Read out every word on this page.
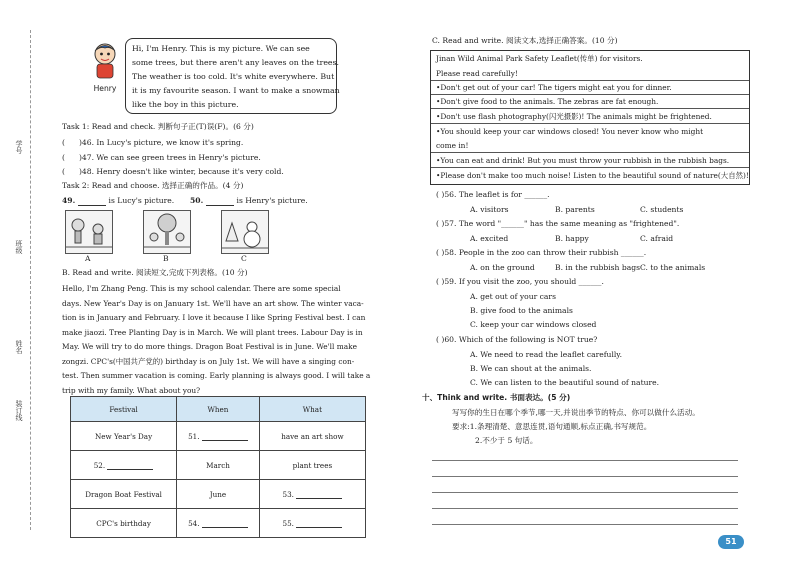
学号
班级
姓名
装订线
Henry
Hi, I'm Henry. This is my picture. We can see
some trees, but there aren't any leaves on the trees.
The weather is too cold. It's white everywhere. But
it is my favourite season. I want to make a snowman
like the boy in this picture.
Task 1: Read and check. 判断句子正(T)误(F)。(6 分)
( )46. In Lucy's picture, we know it's spring.
( )47. We can see green trees in Henry's picture.
( )48. Henry doesn't like winter, because it's very cold.
Task 2: Read and choose. 选择正确的作品。(4 分)
49.	is Lucy's picture. 50.	is Henry's picture.
A	B	C
B. Read and write. 阅读短文,完成下列表格。(10 分)
Hello, I'm Zhang Peng. This is my school calendar. There are some special
days. New Year's Day is on January 1st. We'll have an art show. The winter vaca-
tion is in January and February. I love it because I like Spring Festival best. I can
make jiaozi. Tree Planting Day is in March. We will plant trees. Labour Day is in
May. We will try to do more things. Dragon Boat Festival is in June. We'll make
zongzi. CPC's(中国共产党的) birthday is on July 1st. We will have a singing con-
test. Then summer vacation is coming. Early planning is always good. I will take a
trip with my family. What about you?
Festival	When	What
New Year's Day	51.	have an art show
52.	March	plant trees
Dragon Boat Festival	June	53.
CPC's birthday	54.	55.
C. Read and write. 阅读文本,选择正确答案。(10 分)
Jinan Wild Animal Park Safety Leaflet(传单) for visitors.
Please read carefully!
•Don't get out of your car! The tigers might eat you for dinner.
•Don't give food to the animals. The zebras are fat enough.
•Don't use flash photography(闪光摄影)! The animals might be frightened.
•You should keep your car windows closed! You never know who might
come in!
•You can eat and drink! But you must throw your rubbish in the rubbish bags.
•Please don't make too much noise! Listen to the beautiful sound of nature(大自然)!
( )56. The leaflet is for ______.
A. visitors	B. parents	C. students
( )57. The word "______" has the same meaning as "frightened".
A. excited	B. happy	C. afraid
( )58. People in the zoo can throw their rubbish ______.
A. on the ground	B. in the rubbish bags C. to the animals
( )59. If you visit the zoo, you should ______.
A. get out of your cars
B. give food to the animals
C. keep your car windows closed
( )60. Which of the following is NOT true?
A. We need to read the leaflet carefully.
B. We can shout at the animals.
C. We can listen to the beautiful sound of nature.
十、Think and write. 书面表达。(5 分)
写写你的生日在哪个季节,哪一天,并说出季节的特点、你可以做什么活动。
要求:1.条理清楚、意思连贯,语句通顺,标点正确,书写规范。
2.不少于 5 句话。
51
